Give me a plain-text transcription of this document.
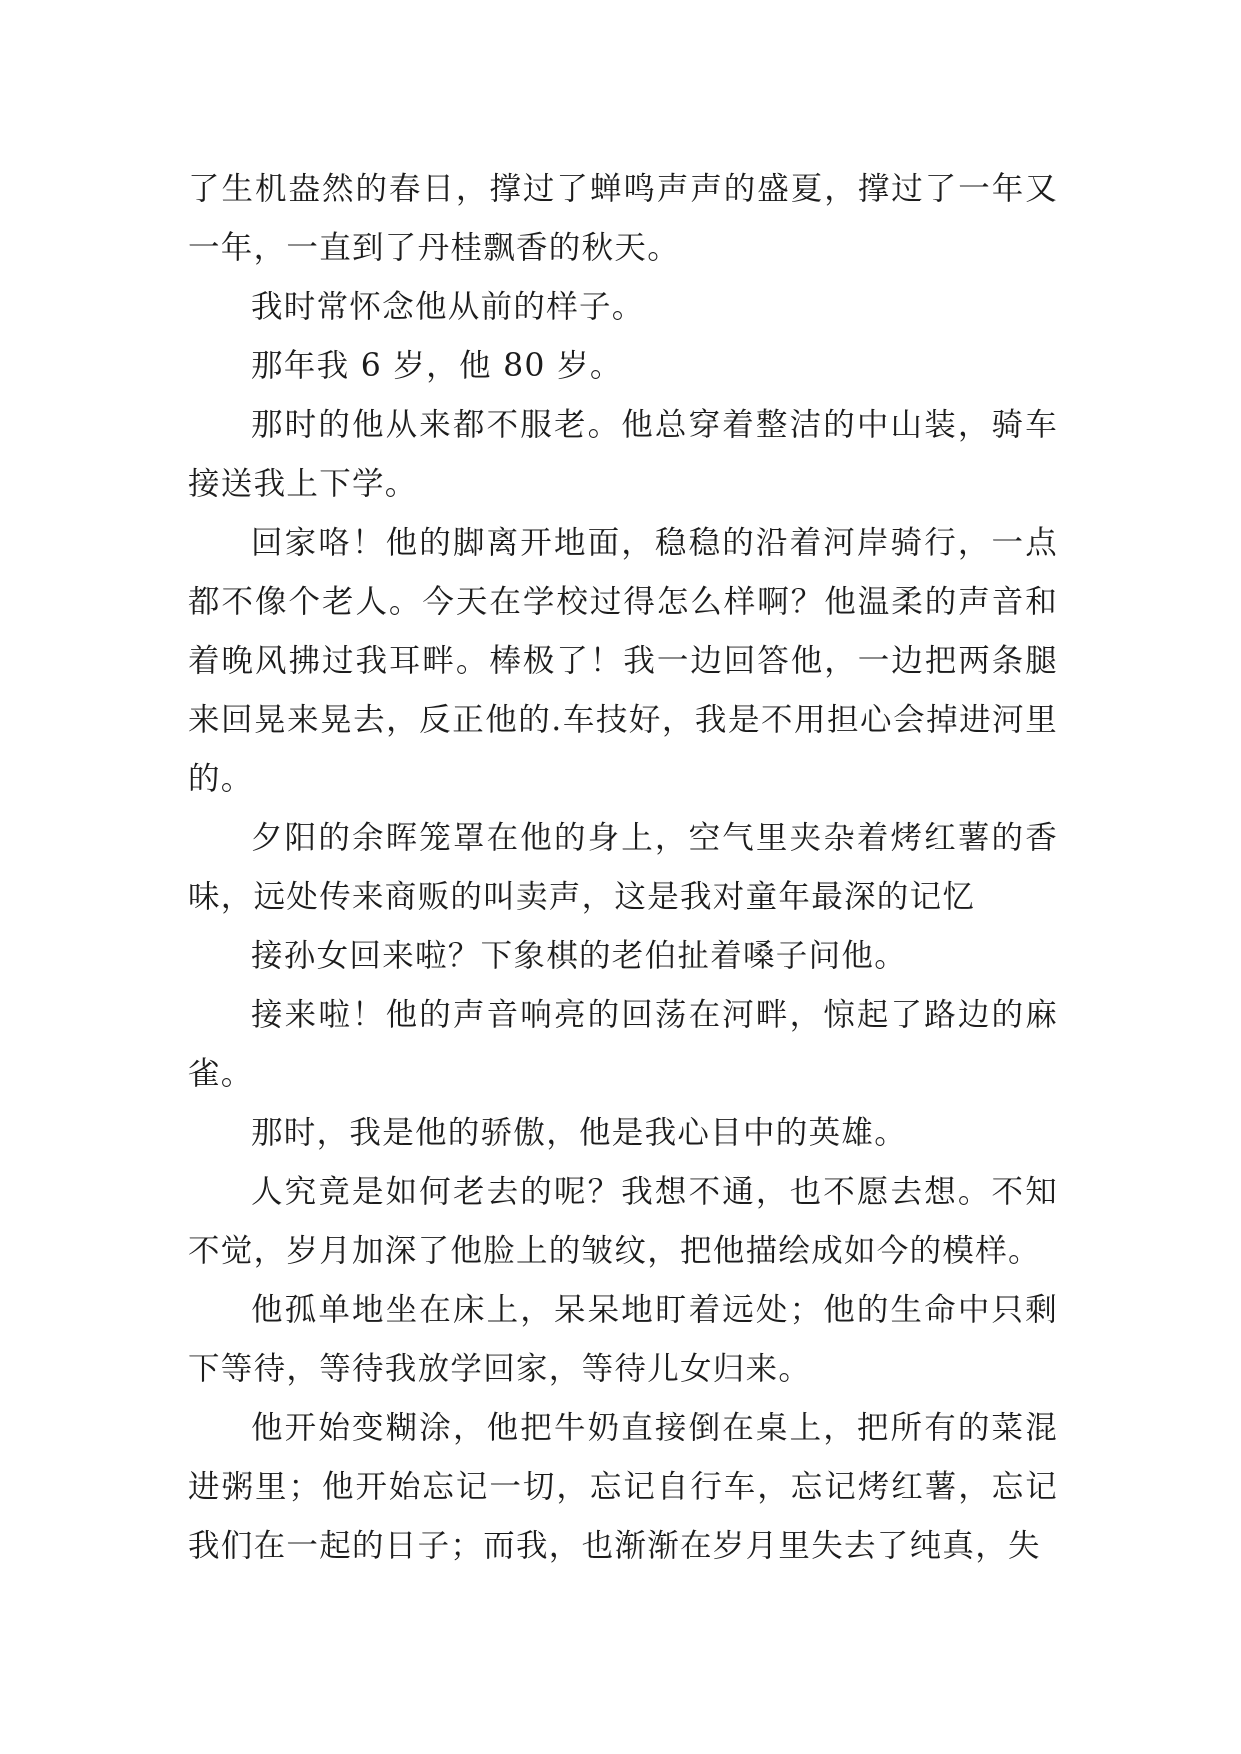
了生机盎然的春日，撑过了蝉鸣声声的盛夏，撑过了一年又一年，一直到了丹桂飘香的秋天。

我时常怀念他从前的样子。

那年我 6 岁，他 80 岁。

那时的他从来都不服老。他总穿着整洁的中山装，骑车接送我上下学。

回家咯！他的脚离开地面，稳稳的沿着河岸骑行，一点都不像个老人。今天在学校过得怎么样啊？他温柔的声音和着晚风拂过我耳畔。棒极了！我一边回答他，一边把两条腿来回晃来晃去，反正他的.车技好，我是不用担心会掉进河里的。

夕阳的余晖笼罩在他的身上，空气里夹杂着烤红薯的香味，远处传来商贩的叫卖声，这是我对童年最深的记忆

接孙女回来啦？下象棋的老伯扯着嗓子问他。

接来啦！他的声音响亮的回荡在河畔，惊起了路边的麻雀。

那时，我是他的骄傲，他是我心目中的英雄。

人究竟是如何老去的呢？我想不通，也不愿去想。不知不觉，岁月加深了他脸上的皱纹，把他描绘成如今的模样。

他孤单地坐在床上，呆呆地盯着远处；他的生命中只剩下等待，等待我放学回家，等待儿女归来。

他开始变糊涂，他把牛奶直接倒在桌上，把所有的菜混进粥里；他开始忘记一切，忘记自行车，忘记烤红薯，忘记我们在一起的日子；而我，也渐渐在岁月里失去了纯真，失
